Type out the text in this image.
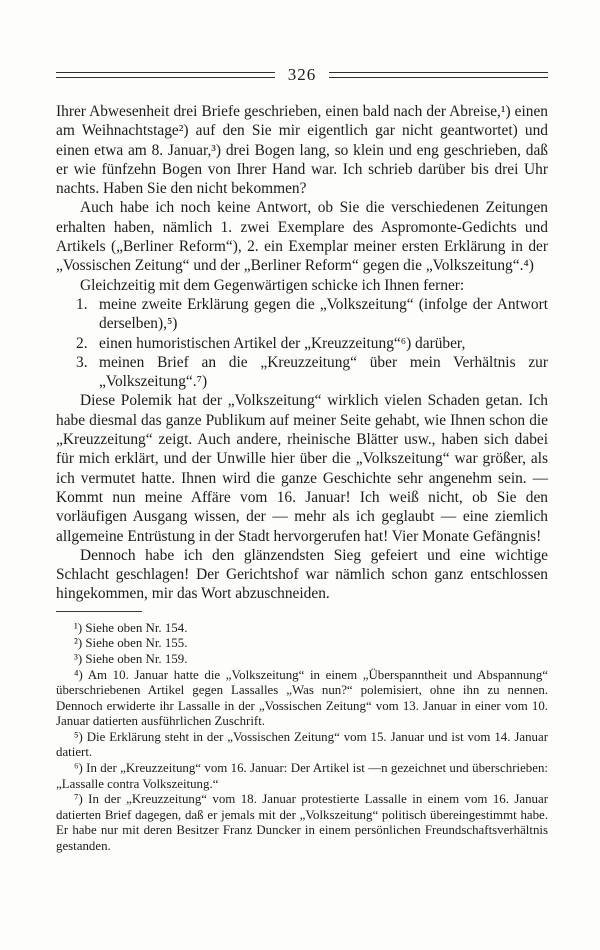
326

Ihrer Abwesenheit drei Briefe geschrieben, einen bald nach der Abreise,¹) einen am Weihnachtstage²) auf den Sie mir eigentlich gar nicht geantwortet) und einen etwa am 8. Januar,³) drei Bogen lang, so klein und eng geschrieben, daß er wie fünfzehn Bogen von Ihrer Hand war. Ich schrieb darüber bis drei Uhr nachts. Haben Sie den nicht bekommen?

Auch habe ich noch keine Antwort, ob Sie die verschiedenen Zeitungen erhalten haben, nämlich 1. zwei Exemplare des Aspromonte-Gedichts und Artikels („Berliner Reform“), 2. ein Exemplar meiner ersten Erklärung in der „Vossischen Zeitung“ und der „Berliner Reform“ gegen die „Volkszeitung“.⁴)

Gleichzeitig mit dem Gegenwärtigen schicke ich Ihnen ferner:

1. meine zweite Erklärung gegen die „Volkszeitung“ (infolge der Antwort derselben),⁵)
2. einen humoristischen Artikel der „Kreuzzeitung“⁶) darüber,
3. meinen Brief an die „Kreuzzeitung“ über mein Verhältnis zur „Volkszeitung“.⁷)

Diese Polemik hat der „Volkszeitung“ wirklich vielen Schaden getan. Ich habe diesmal das ganze Publikum auf meiner Seite gehabt, wie Ihnen schon die „Kreuzzeitung“ zeigt. Auch andere, rheinische Blätter usw., haben sich dabei für mich erklärt, und der Unwille hier über die „Volkszeitung“ war größer, als ich vermutet hatte. Ihnen wird die ganze Geschichte sehr angenehm sein. — Kommt nun meine Affäre vom 16. Januar! Ich weiß nicht, ob Sie den vorläufigen Ausgang wissen, der — mehr als ich geglaubt — eine ziemlich allgemeine Entrüstung in der Stadt hervorgerufen hat! Vier Monate Gefängnis!

Dennoch habe ich den glänzendsten Sieg gefeiert und eine wichtige Schlacht geschlagen! Der Gerichtshof war nämlich schon ganz entschlossen hingekommen, mir das Wort abzuschneiden.

¹) Siehe oben Nr. 154.

²) Siehe oben Nr. 155.

³) Siehe oben Nr. 159.

⁴) Am 10. Januar hatte die „Volkszeitung“ in einem „Überspanntheit und Abspannung“ überschriebenen Artikel gegen Lassalles „Was nun?“ polemisiert, ohne ihn zu nennen. Dennoch erwiderte ihr Lassalle in der „Vossischen Zeitung“ vom 13. Januar in einer vom 10. Januar datierten ausführlichen Zuschrift.

⁵) Die Erklärung steht in der „Vossischen Zeitung“ vom 15. Januar und ist vom 14. Januar datiert.

⁶) In der „Kreuzzeitung“ vom 16. Januar: Der Artikel ist —n gezeichnet und überschrieben: „Lassalle contra Volkszeitung.“

⁷) In der „Kreuzzeitung“ vom 18. Januar protestierte Lassalle in einem vom 16. Januar datierten Brief dagegen, daß er jemals mit der „Volkszeitung“ politisch übereingestimmt habe. Er habe nur mit deren Besitzer Franz Duncker in einem persönlichen Freundschaftsverhältnis gestanden.
